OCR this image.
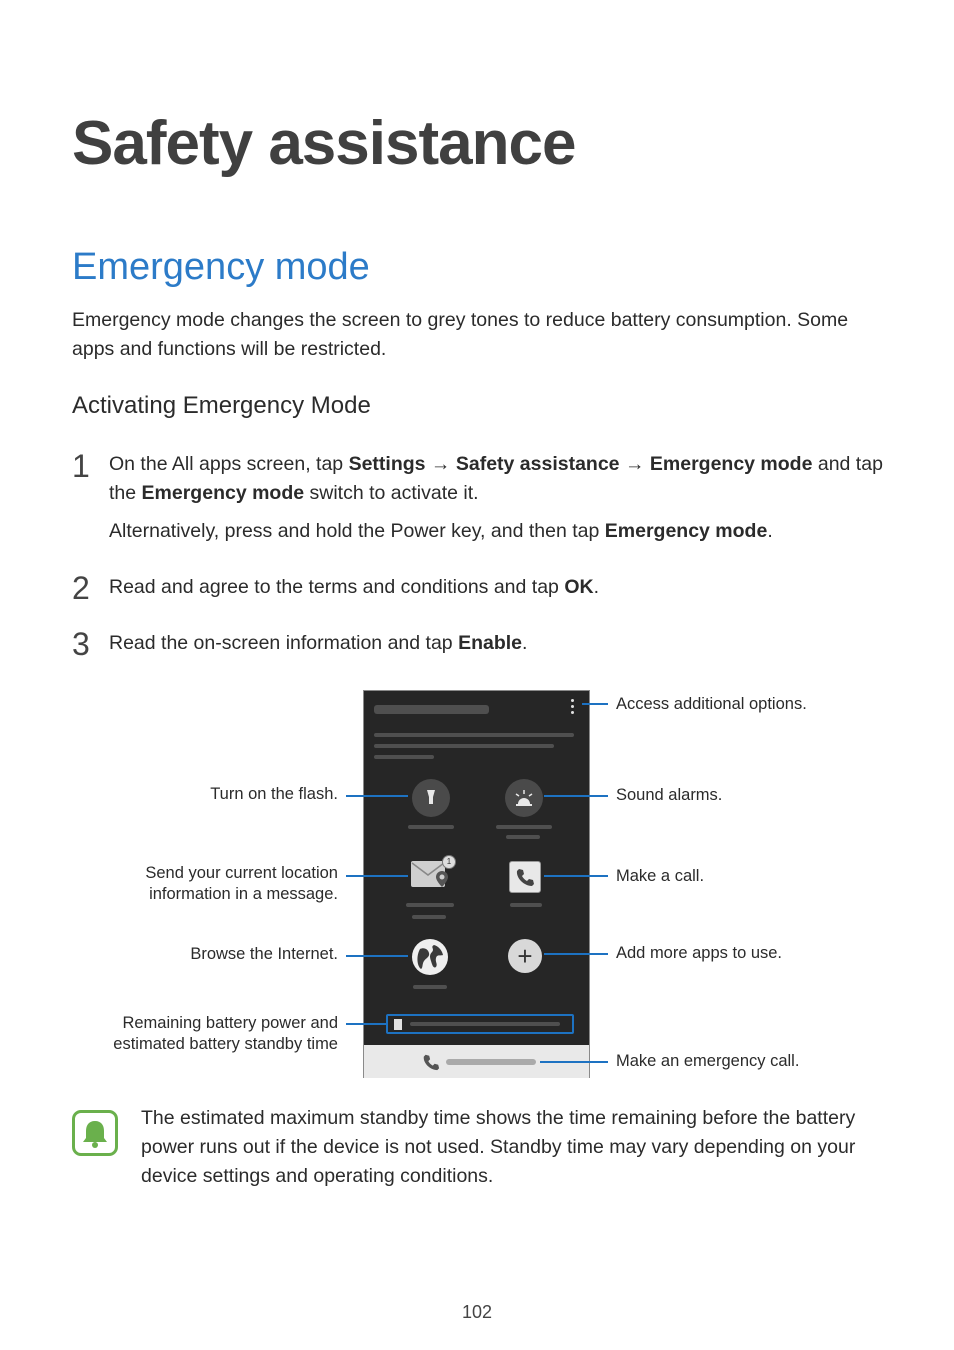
Safety assistance
Emergency mode

Emergency mode changes the screen to grey tones to reduce battery consumption. Some apps and functions will be restricted.

Activating Emergency Mode
1 On the All apps screen, tap Settings → Safety assistance → Emergency mode and tap the Emergency mode switch to activate it.

Alternatively, press and hold the Power key, and then tap Emergency mode.

2 Read and agree to the terms and conditions and tap OK.

3 Read the on-screen information and tap Enable.

1
+
Access additional options.
Turn on the flash.	Sound alarms.
Send your current location
information in a message.
Make a call.
Browse the Internet.	Add more apps to use.
Remaining battery power and
estimated battery standby time
Make an emergency call.

The estimated maximum standby time shows the time remaining before the battery power runs out if the device is not used. Standby time may vary depending on your device settings and operating conditions.

102
